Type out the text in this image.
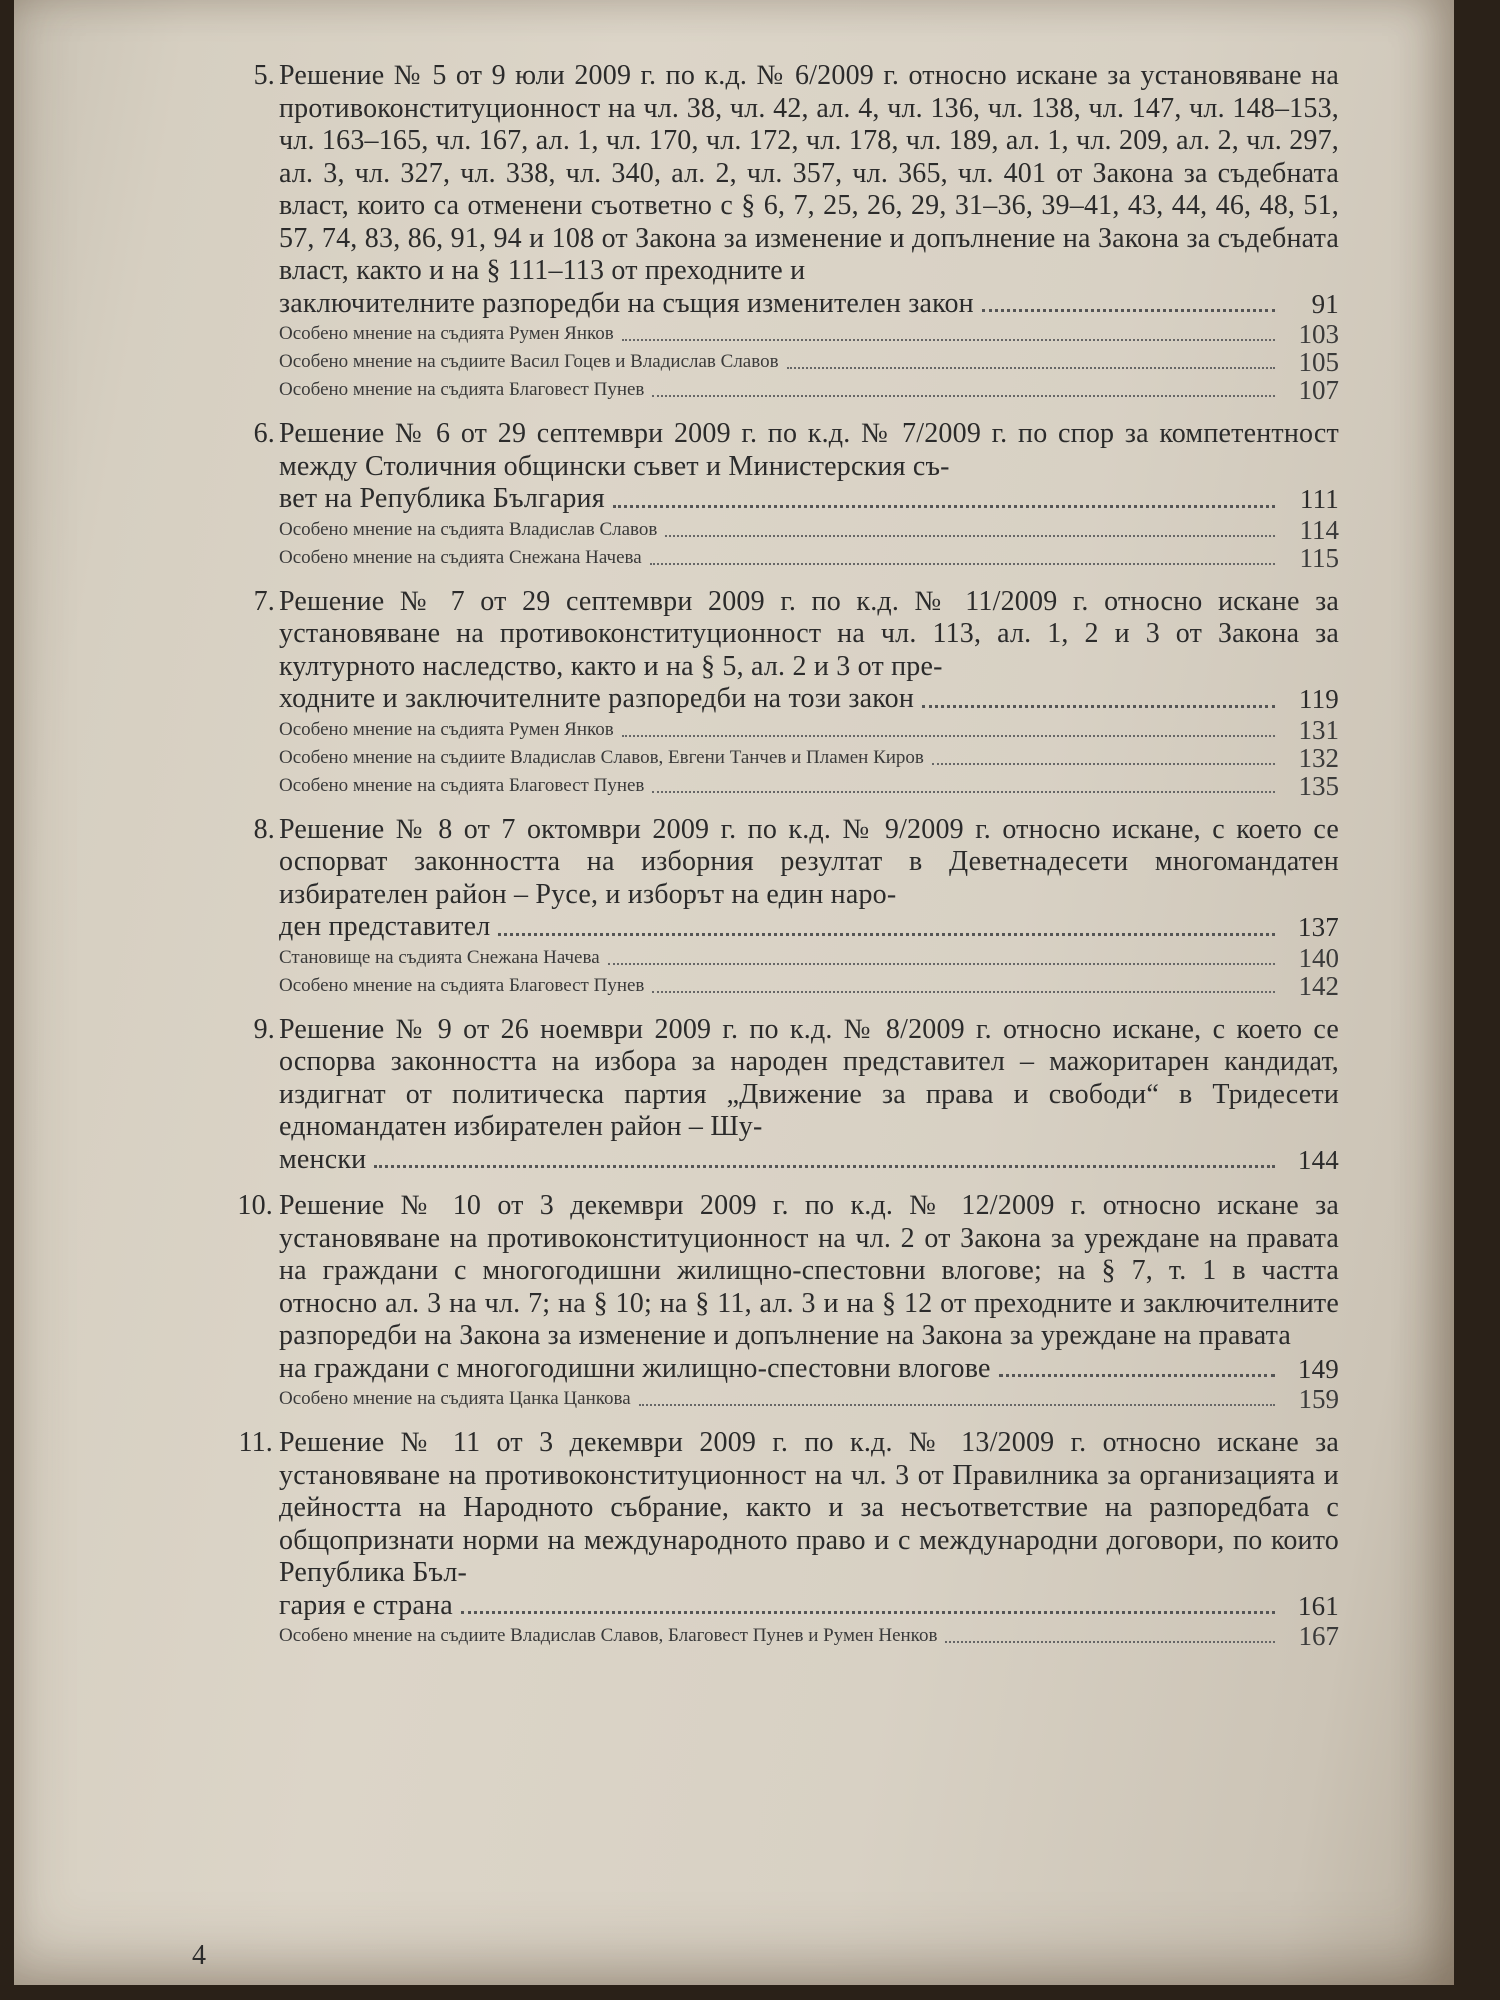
5. Решение № 5 от 9 юли 2009 г. по к.д. № 6/2009 г. относно искане за установяване на противоконституционност на чл. 38, чл. 42, ал. 4, чл. 136, чл. 138, чл. 147, чл. 148–153, чл. 163–165, чл. 167, ал. 1, чл. 170, чл. 172, чл. 178, чл. 189, ал. 1, чл. 209, ал. 2, чл. 297, ал. 3, чл. 327, чл. 338, чл. 340, ал. 2, чл. 357, чл. 365, чл. 401 от Закона за съдебната власт, които са отменени съответно с § 6, 7, 25, 26, 29, 31–36, 39–41, 43, 44, 46, 48, 51, 57, 74, 83, 86, 91, 94 и 108 от Закона за изменение и допълнение на Закона за съдебната власт, както и на § 111–113 от преходните и
заключителните разпоредби на същия изменителен закон	91
Особено мнение на съдията Румен Янков	103
Особено мнение на съдиите Васил Гоцев и Владислав Славов	105
Особено мнение на съдията Благовест Пунев	107
6. Решение № 6 от 29 септември 2009 г. по к.д. № 7/2009 г. по спор за компетентност между Столичния общински съвет и Министерския съ-
вет на Република България	111
Особено мнение на съдията Владислав Славов	114
Особено мнение на съдията Снежана Начева	115
7. Решение № 7 от 29 септември 2009 г. по к.д. № 11/2009 г. относно искане за установяване на противоконституционност на чл. 113, ал. 1, 2 и 3 от Закона за културното наследство, както и на § 5, ал. 2 и 3 от пре-
ходните и заключителните разпоредби на този закон	119
Особено мнение на съдията Румен Янков	131
Особено мнение на съдиите Владислав Славов, Евгени Танчев и Пламен Киров	132
Особено мнение на съдията Благовест Пунев	135
8. Решение № 8 от 7 октомври 2009 г. по к.д. № 9/2009 г. относно искане, с което се оспорват законността на изборния резултат в Деветнадесети многомандатен избирателен район – Русе, и изборът на един наро-
ден представител	137
Становище на съдията Снежана Начева	140
Особено мнение на съдията Благовест Пунев	142
9. Решение № 9 от 26 ноември 2009 г. по к.д. № 8/2009 г. относно искане, с което се оспорва законността на избора за народен представител – мажоритарен кандидат, издигнат от политическа партия „Движение за права и свободи“ в Тридесети едномандатен избирателен район – Шу-
менски	144
10. Решение № 10 от 3 декември 2009 г. по к.д. № 12/2009 г. относно искане за установяване на противоконституционност на чл. 2 от Закона за уреждане на правата на граждани с многогодишни жилищно-спестовни влогове; на § 7, т. 1 в частта относно ал. 3 на чл. 7; на § 10; на § 11, ал. 3 и на § 12 от преходните и заключителните разпоредби на Закона за изменение и допълнение на Закона за уреждане на правата
на граждани с многогодишни жилищно-спестовни влогове	149
Особено мнение на съдията Цанка Цанкова	159
11. Решение № 11 от 3 декември 2009 г. по к.д. № 13/2009 г. относно искане за установяване на противоконституционност на чл. 3 от Правилника за организацията и дейността на Народното събрание, както и за несъответствие на разпоредбата с общопризнати норми на международното право и с международни договори, по които Република Бъл-
гария е страна	161
Особено мнение на съдиите Владислав Славов, Благовест Пунев и Румен Ненков	167
4
